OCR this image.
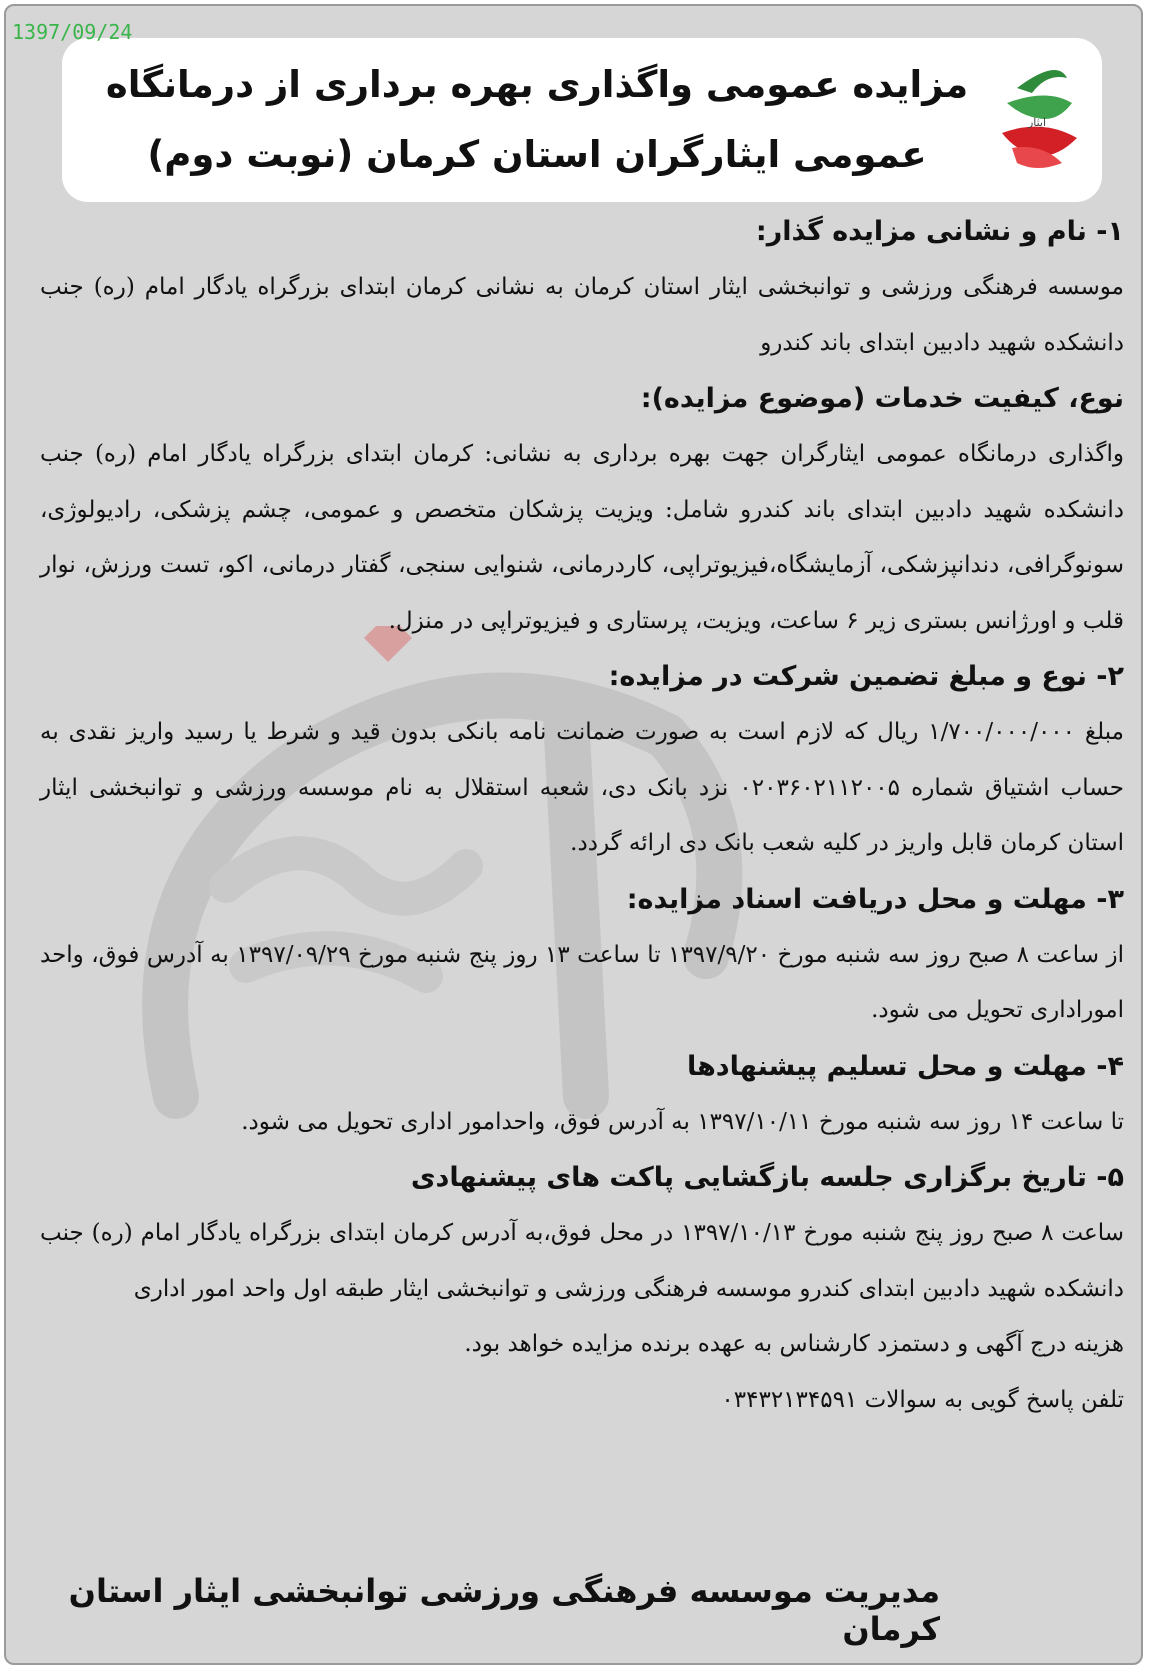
1397/09/24
مزایده عمومی واگذاری بهره برداری از درمانگاه
عمومی ایثارگران استان کرمان (نوبت دوم)
ایثار

۱- نام و نشانی مزایده گذار:

موسسه فرهنگی ورزشی و توانبخشی ایثار استان کرمان به نشانی کرمان ابتدای بزرگراه یادگار امام (ره) جنب دانشکده شهید دادبین ابتدای باند کندرو

نوع، کیفیت خدمات (موضوع مزایده):

واگذاری درمانگاه عمومی ایثارگران جهت بهره برداری به نشانی: کرمان ابتدای بزرگراه یادگار امام (ره) جنب دانشکده شهید دادبین ابتدای باند کندرو شامل: ویزیت پزشکان متخصص و عمومی، چشم پزشکی، رادیولوژی، سونوگرافی، دندانپزشکی، آزمایشگاه،فیزیوتراپی، کاردرمانی، شنوایی سنجی، گفتار درمانی، اکو، تست ورزش، نوار قلب و اورژانس بستری زیر ۶ ساعت، ویزیت، پرستاری و فیزیوتراپی در منزل.

۲- نوع و مبلغ تضمین شرکت در مزایده:

مبلغ ۱/۷۰۰/۰۰۰/۰۰۰ ریال که لازم است به صورت ضمانت نامه بانکی بدون قید و شرط یا رسید واریز نقدی به حساب اشتیاق شماره ۰۲۰۳۶۰۲۱۱۲۰۰۵ نزد بانک دی، شعبه استقلال به نام موسسه ورزشی و توانبخشی ایثار استان کرمان قابل واریز در کلیه شعب بانک دی ارائه گردد.

۳- مهلت و محل دریافت اسناد مزایده:

از ساعت ۸ صبح روز سه شنبه مورخ ۱۳۹۷/۹/۲۰ تا ساعت ۱۳ روز پنج شنبه مورخ ۱۳۹۷/۰۹/۲۹ به آدرس فوق، واحد اموراداری تحویل می شود.

۴- مهلت و محل تسلیم پیشنهادها

تا ساعت ۱۴ روز سه شنبه مورخ ۱۳۹۷/۱۰/۱۱ به آدرس فوق، واحدامور اداری تحویل می شود.

۵- تاریخ برگزاری جلسه بازگشایی پاکت های پیشنهادی

ساعت ۸ صبح روز پنج شنبه مورخ ۱۳۹۷/۱۰/۱۳ در محل فوق،به آدرس کرمان ابتدای بزرگراه یادگار امام (ره) جنب دانشکده شهید دادبین ابتدای کندرو موسسه فرهنگی ورزشی و توانبخشی ایثار طبقه اول واحد امور اداری

هزینه درج آگهی و دستمزد کارشناس به عهده برنده مزایده خواهد بود.

تلفن پاسخ گویی به سوالات ۰۳۴۳۲۱۳۴۵۹۱

مدیریت موسسه فرهنگی ورزشی توانبخشی ایثار استان کرمان
